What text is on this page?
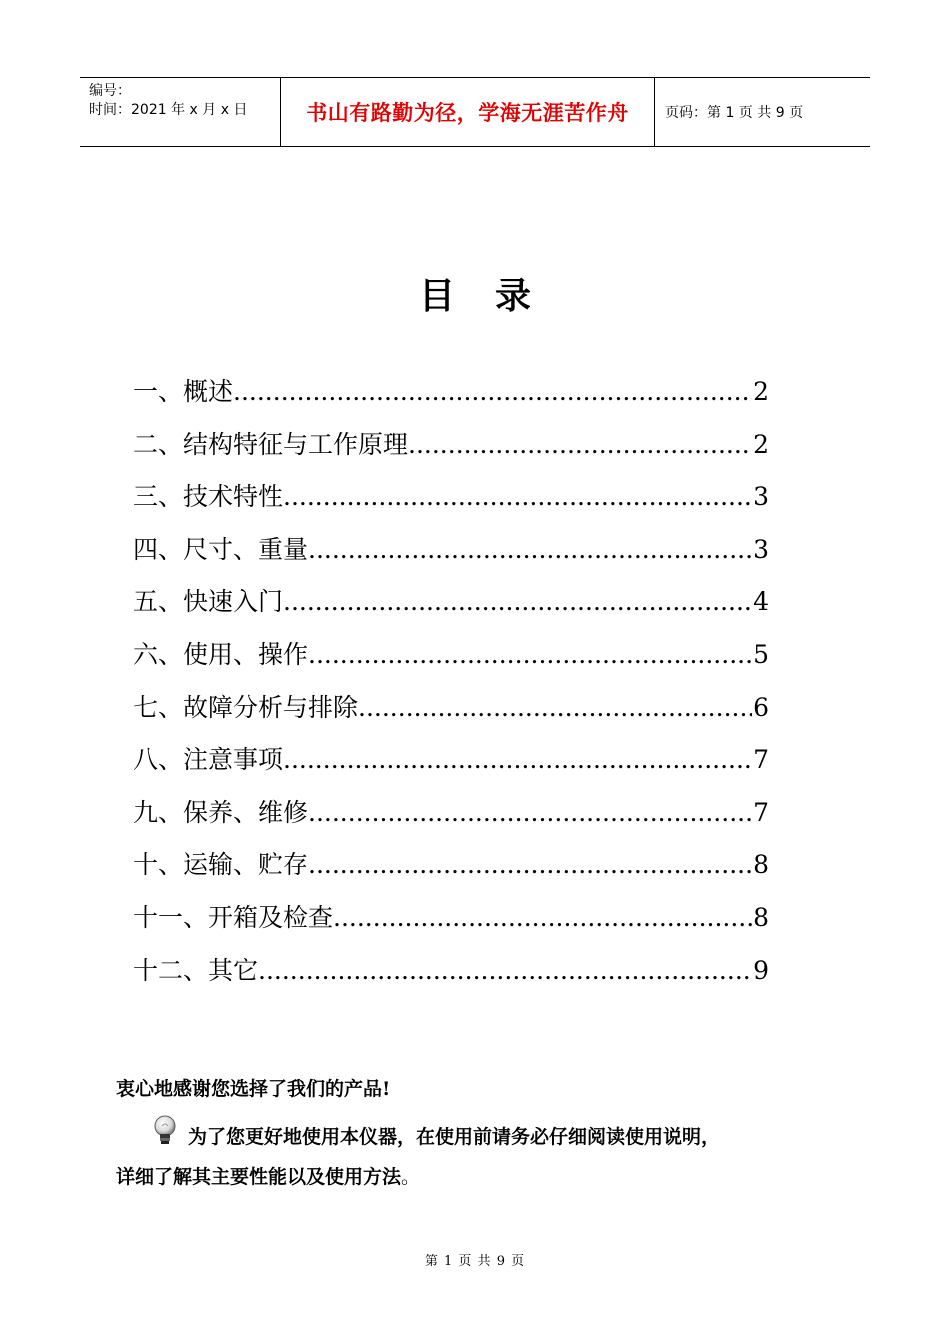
编号：
时间：2021 年 x 月 x 日	书山有路勤为径，学海无涯苦作舟	页码：第 1 页 共 9 页
目录
一、概述 .....	2
二、结构特征与工作原理 .....	2
三、技术特性 .....	3
四、尺寸、重量 .....	3
五、快速入门 .....	4
六、使用、操作 .....	5
七、故障分析与排除 .....	6
八、注意事项 .....	7
九、保养、维修 .....	7
十、运输、贮存 .....	8
十一、开箱及检查 .....	8
十二、其它 .....	9
衷心地感谢您选择了我们的产品!
为了您更好地使用本仪器，在使用前请务必仔细阅读使用说明，
详细了解其主要性能以及使用方法。
第 1 页 共 9 页
